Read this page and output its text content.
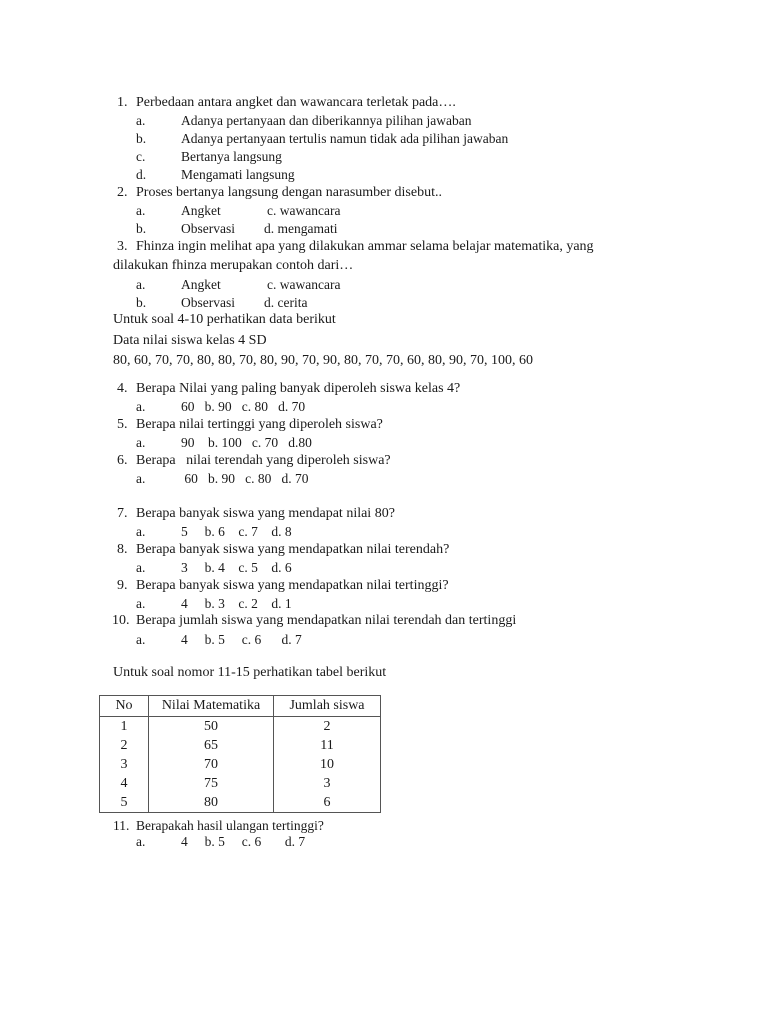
1. Perbedaan antara angket dan wawancara terletak pada….
a.	Adanya pertanyaan dan diberikannya pilihan jawaban
b.	Adanya pertanyaan tertulis namun tidak ada pilihan jawaban
c.	Bertanya langsung
d.	Mengamati langsung
2. Proses bertanya langsung dengan narasumber disebut..
a.	Angket	c. wawancara
b.	Observasi d. mengamati
3. Fhinza ingin melihat apa yang dilakukan ammar selama belajar matematika, yang
dilakukan fhinza merupakan contoh dari…
a.	Angket	c. wawancara
b.	Observasi d. cerita
Untuk soal 4-10 perhatikan data berikut
Data nilai siswa kelas 4 SD
80, 60, 70, 70, 80, 80, 70, 80, 90, 70, 90, 80, 70, 70, 60, 80, 90, 70, 100, 60
4. Berapa Nilai yang paling banyak diperoleh siswa kelas 4?
a.	60   b. 90   c. 80   d. 70
5. Berapa nilai tertinggi yang diperoleh siswa?
a.	90    b. 100   c. 70   d.80
6. Berapa   nilai terendah yang diperoleh siswa?
a.	60   b. 90   c. 80   d. 70
7. Berapa banyak siswa yang mendapat nilai 80?
a.	5     b. 6    c. 7    d. 8
8. Berapa banyak siswa yang mendapatkan nilai terendah?
a.	3     b. 4    c. 5    d. 6
9. Berapa banyak siswa yang mendapatkan nilai tertinggi?
a.	4     b. 3    c. 2    d. 1
10. Berapa jumlah siswa yang mendapatkan nilai terendah dan tertinggi
a.	4     b. 5     c. 6      d. 7
Untuk soal nomor 11-15 perhatikan tabel berikut
No	Nilai Matematika	Jumlah siswa
1	50	2
2	65	11
3	70	10
4	75	3
5	80	6
11. Berapakah hasil ulangan tertinggi?
a.	4     b. 5     c. 6       d. 7
